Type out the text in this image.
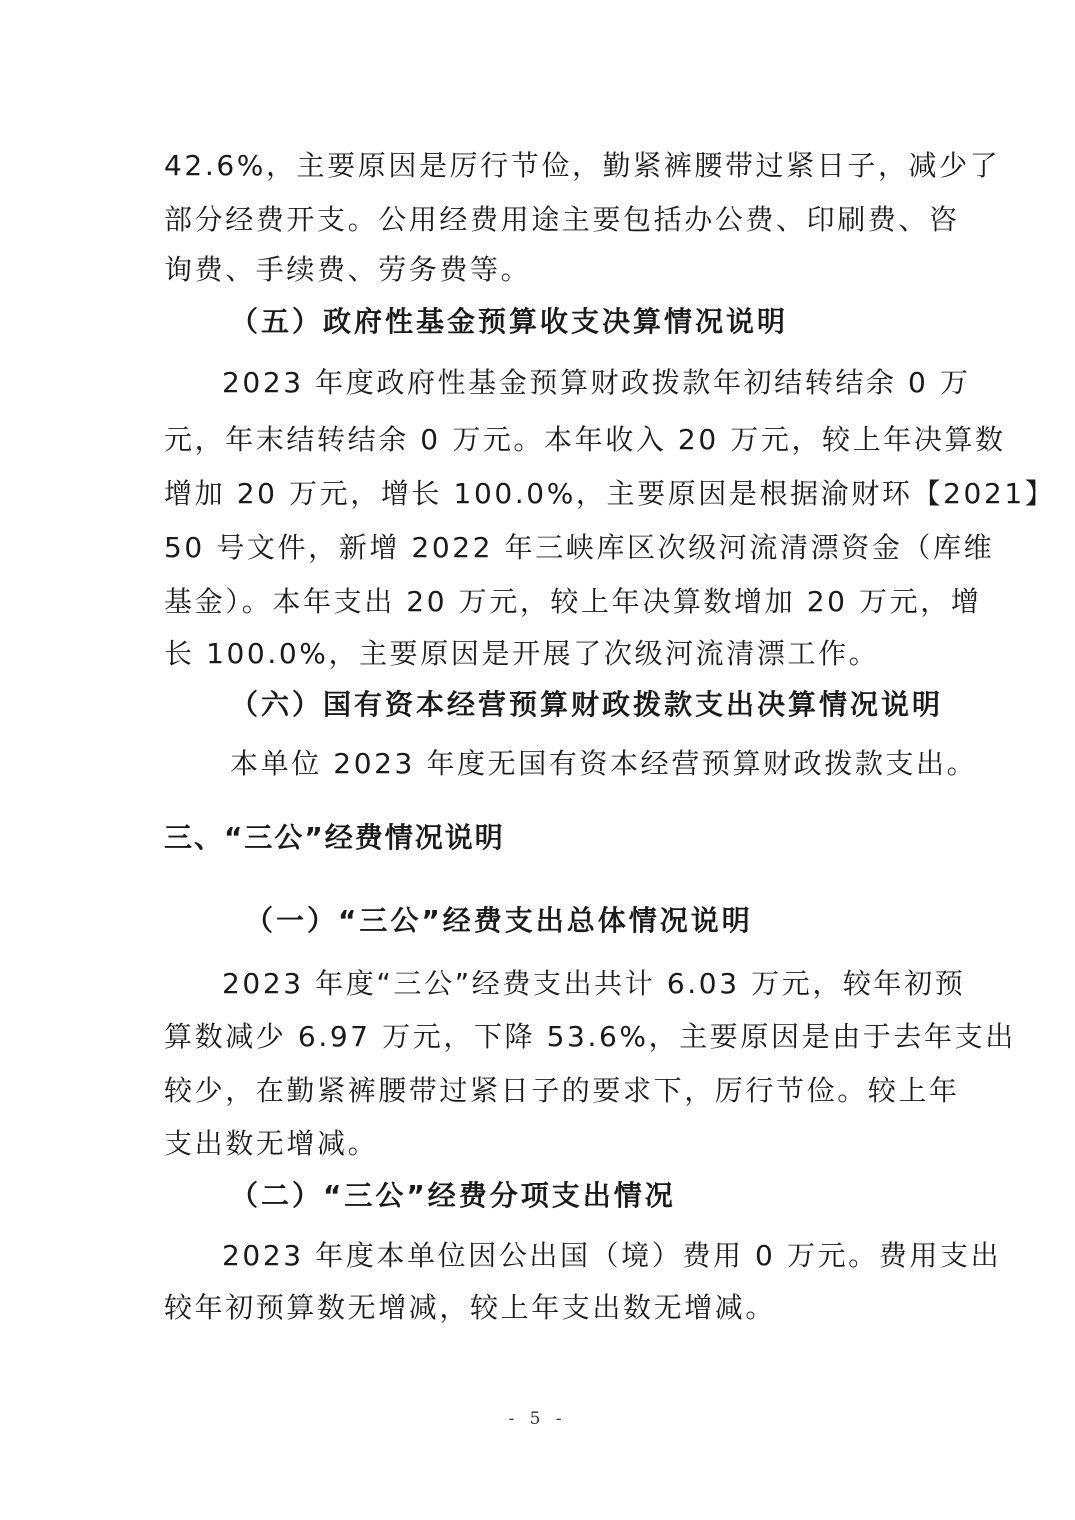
42.6%，主要原因是厉行节俭，勤紧裤腰带过紧日子，减少了
部分经费开支。公用经费用途主要包括办公费、印刷费、咨
询费、手续费、劳务费等。
（五）政府性基金预算收支决算情况说明
2023 年度政府性基金预算财政拨款年初结转结余 0 万
元，年末结转结余 0 万元。本年收入 20 万元，较上年决算数
增加 20 万元，增长 100.0%，主要原因是根据渝财环【2021】
50 号文件，新增 2022 年三峡库区次级河流清漂资金（库维
基金）。本年支出 20 万元，较上年决算数增加 20 万元，增
长 100.0%，主要原因是开展了次级河流清漂工作。
（六）国有资本经营预算财政拨款支出决算情况说明
本单位 2023 年度无国有资本经营预算财政拨款支出。
三、“三公”经费情况说明
（一）“三公”经费支出总体情况说明
2023 年度“三公”经费支出共计 6.03 万元，较年初预
算数减少 6.97 万元，下降 53.6%，主要原因是由于去年支出
较少，在勤紧裤腰带过紧日子的要求下，厉行节俭。较上年
支出数无增减。
（二）“三公”经费分项支出情况
2023 年度本单位因公出国（境）费用 0 万元。费用支出
较年初预算数无增减，较上年支出数无增减。
- 5 -
